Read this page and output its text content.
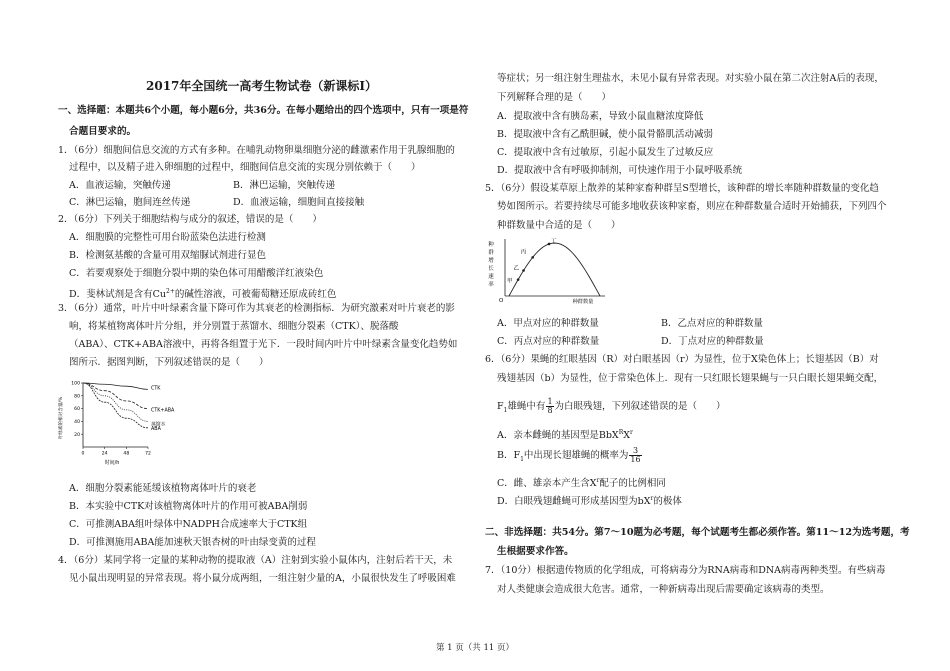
2017年全国统一高考生物试卷（新课标Ⅰ）
一、选择题：本题共6个小题，每小题6分，共36分。在每小题给出的四个选项中，只有一项是符
合题目要求的。
1．（6分）细胞间信息交流的方式有多种。在哺乳动物卵巢细胞分泌的雌激素作用于乳腺细胞的
过程中，以及精子进入卵细胞的过程中，细胞间信息交流的实现分别依赖于（　　）
A．血液运输，突触传递	B．淋巴运输，突触传递
C．淋巴运输，胞间连丝传递	D．血液运输，细胞间直接接触
2．（6分）下列关于细胞结构与成分的叙述，错误的是（　　）
A．细胞膜的完整性可用台盼蓝染色法进行检测
B．检测氨基酸的含量可用双缩脲试剂进行显色
C．若要观察处于细胞分裂中期的染色体可用醋酸洋红液染色
D．斐林试剂是含有$Cu^{2+}$的碱性溶液，可被葡萄糖还原成砖红色
3．（6分）通常，叶片中叶绿素含量下降可作为其衰老的检测指标．为研究激素对叶片衰老的影
响，将某植物离体叶片分组，并分别置于蒸馏水、细胞分裂素（CTK）、脱落酸
（ABA）、CTK+ABA溶液中，再将各组置于光下．一段时间内叶片中叶绿素含量变化趋势如
图所示．据图判断，下列叙述错误的是（　　）
叶绿素的相对含量/%
100
80
60
40
20
0	24	48	72
CTK
CTK+ABA
蒸馏水
ABA
时间/h
A．细胞分裂素能延缓该植物离体叶片的衰老
B．本实验中CTK对该植物离体叶片的作用可被ABA削弱
C．可推测ABA组叶绿体中NADPH合成速率大于CTK组
D．可推测施用ABA能加速秋天银杏树的叶由绿变黄的过程
4．（6分）某同学将一定量的某种动物的提取液（A）注射到实验小鼠体内，注射后若干天，未
见小鼠出现明显的异常表现。将小鼠分成两组，一组注射少量的A，小鼠很快发生了呼吸困难
等症状；另一组注射生理盐水，未见小鼠有异常表现。对实验小鼠在第二次注射A后的表现，
下列解释合理的是（　　）
A．提取液中含有胰岛素，导致小鼠血糖浓度降低
B．提取液中含有乙酰胆碱，使小鼠骨骼肌活动减弱
C．提取液中含有过敏原，引起小鼠发生了过敏反应
D．提取液中含有呼吸抑制剂，可快速作用于小鼠呼吸系统
5．（6分）假设某草原上散养的某种家畜种群呈S型增长，该种群的增长率随种群数量的变化趋
势如图所示。若要持续尽可能多地收获该种家畜，则应在种群数量合适时开始捕获，下列四个
种群数量中合适的是（　　）
种
群
增
长
速
率
甲
乙
丙
丁
O	种群数量
A．甲点对应的种群数量	B．乙点对应的种群数量
C．丙点对应的种群数量	D．丁点对应的种群数量
6．（6分）果蝇的红眼基因（R）对白眼基因（r）为显性，位于X染色体上；长翅基因（B）对
残翅基因（b）为显性，位于常染色体上．现有一只红眼长翅果蝇与一只白眼长翅果蝇交配，
$F_1$雄蝇中有 $\frac{1}{8}$ 为白眼残翅，下列叙述错误的是（　　）
A．亲本雌蝇的基因型是$BbX^RX^r$
B．$F_1$中出现长翅雄蝇的概率为 $\frac{3}{16}$
C．雌、雄亲本产生含$X^r$配子的比例相同
D．白眼残翅雌蝇可形成基因型为$bX^r$的极体
二、非选择题：共54分。第7～10题为必考题，每个试题考生都必须作答。第11～12为选考题，考
生根据要求作答。
7．（10分）根据遗传物质的化学组成，可将病毒分为RNA病毒和DNA病毒两种类型。有些病毒
对人类健康会造成很大危害。通常，一种新病毒出现后需要确定该病毒的类型。
第 1 页（共 11 页）
